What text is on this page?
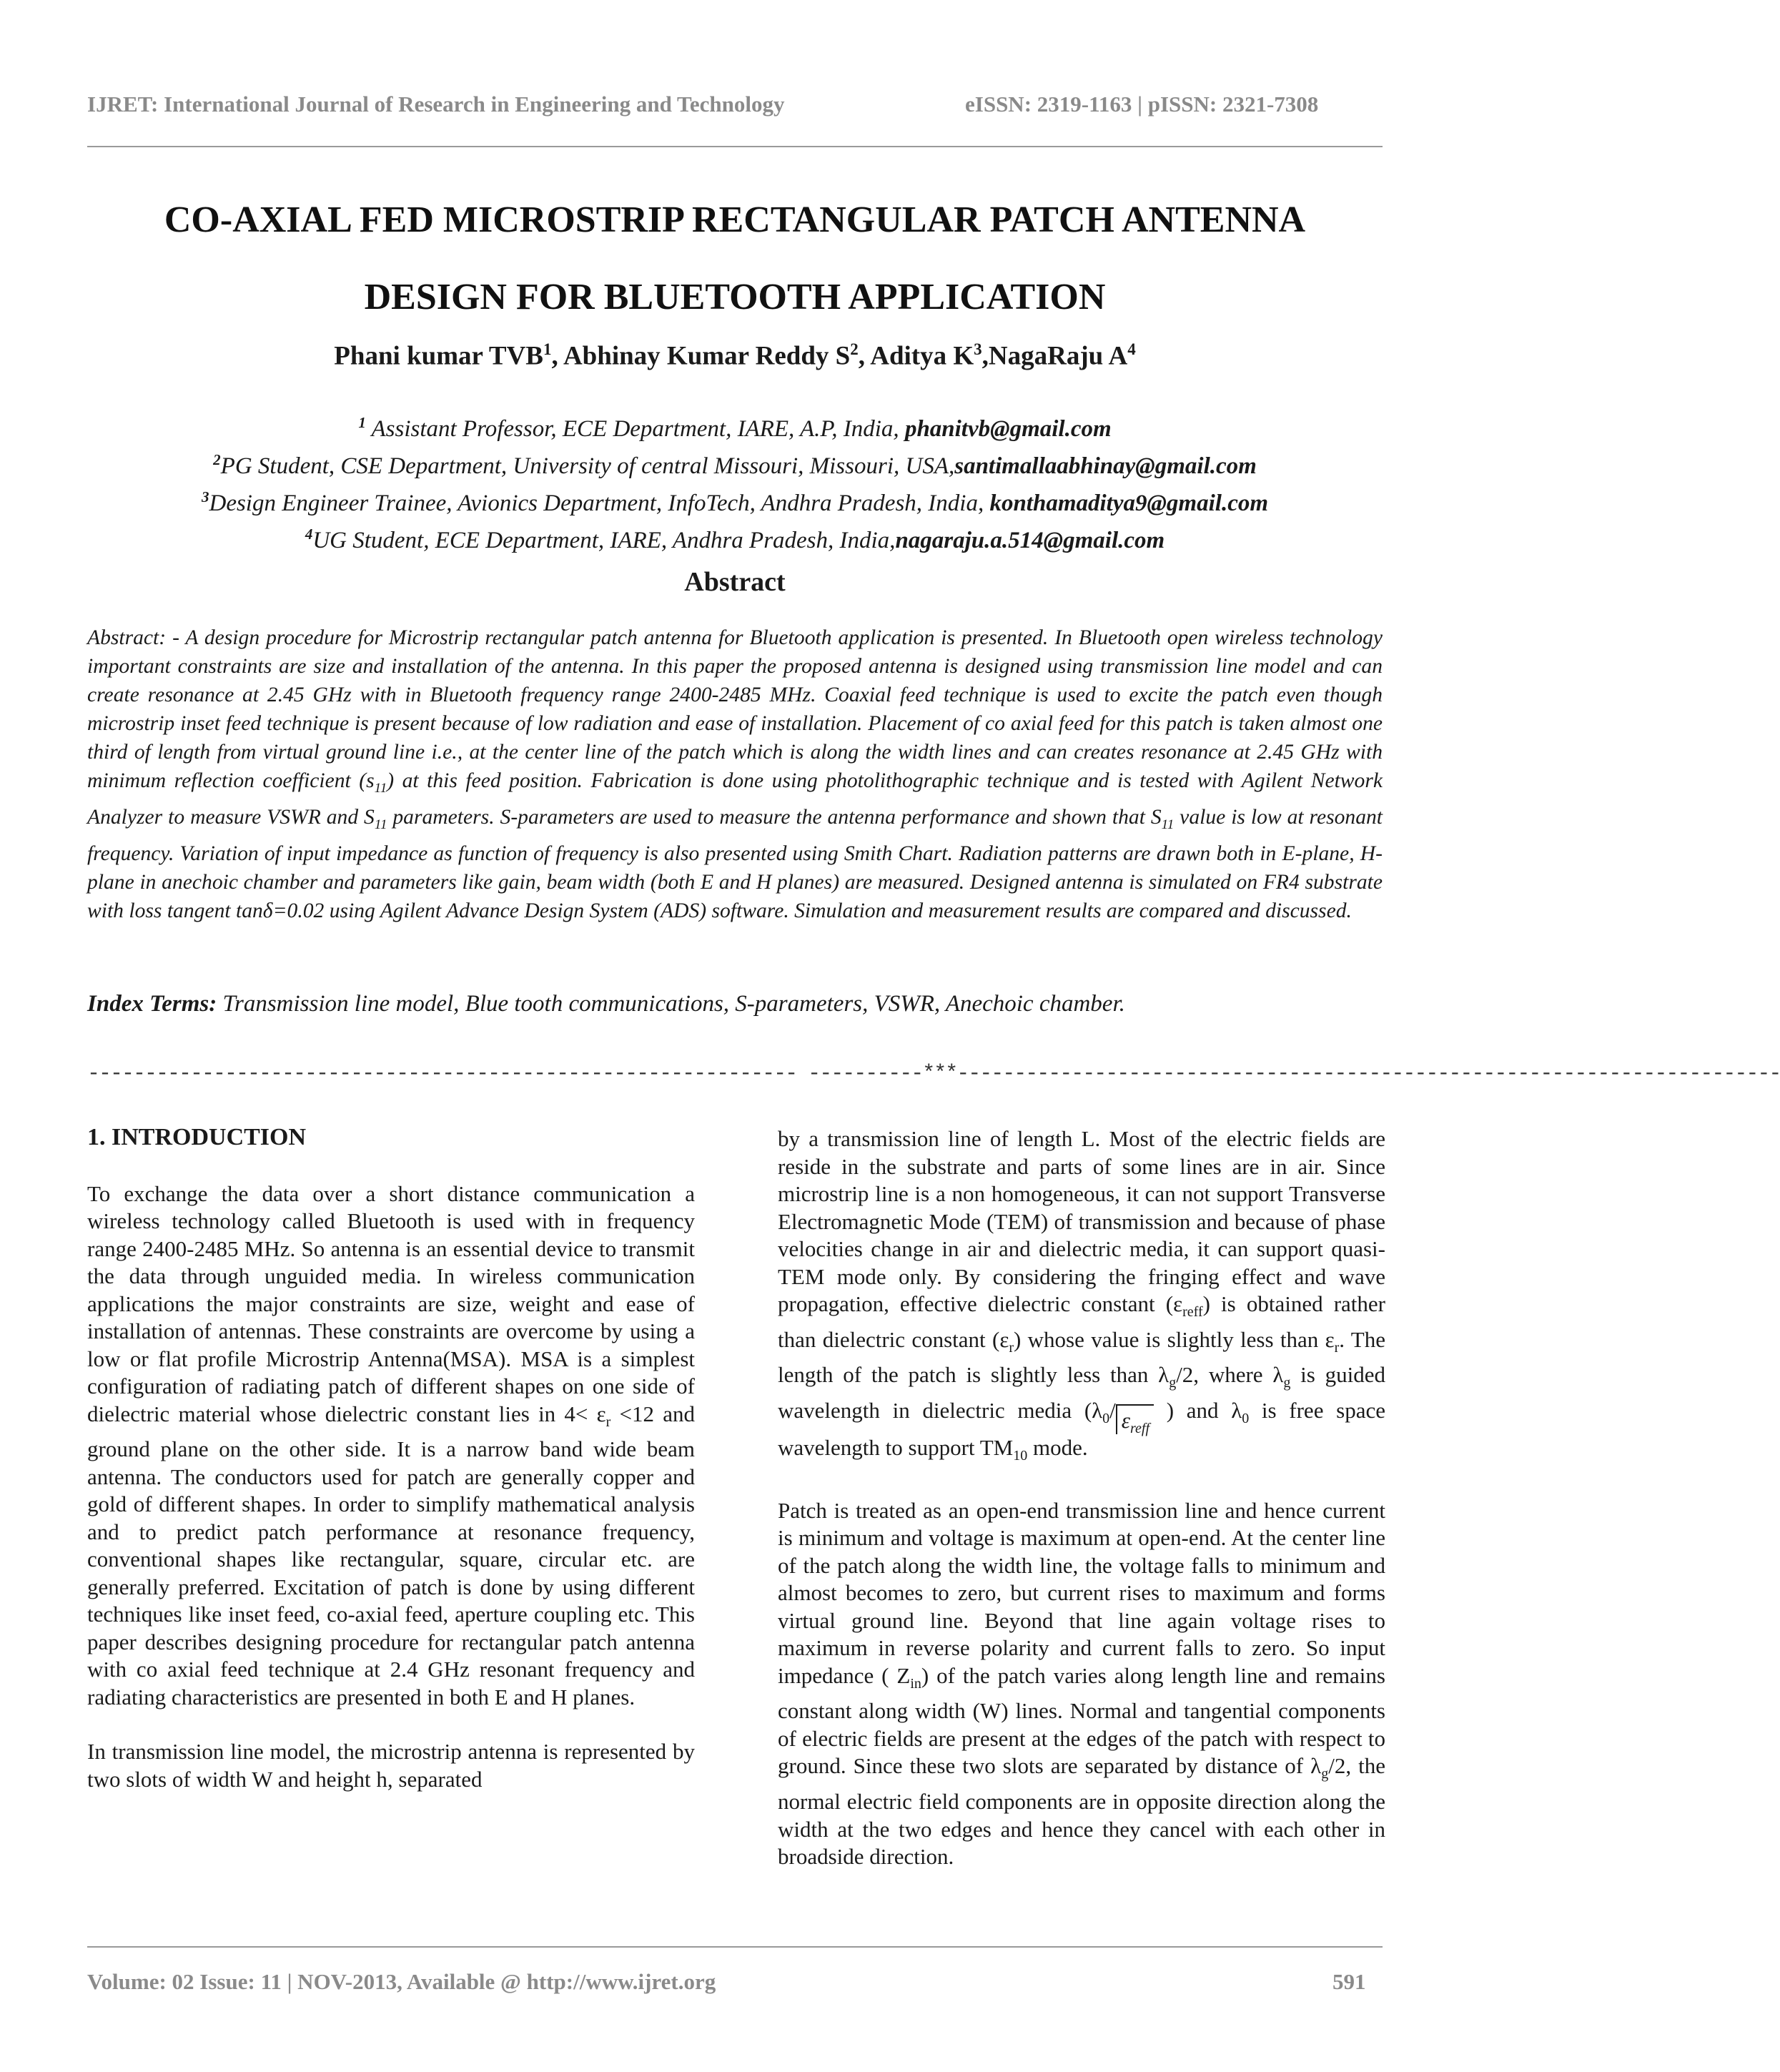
IJRET: International Journal of Research in Engineering and Technology	eISSN: 2319-1163 | pISSN: 2321-7308
CO-AXIAL FED MICROSTRIP RECTANGULAR PATCH ANTENNA
DESIGN FOR BLUETOOTH APPLICATION
Phani kumar TVB$^1$, Abhinay Kumar Reddy $S^2$, Aditya $K^3,NagaRaju$ $A^4$
$^1$ Assistant Professor, ECE Department, IARE, A.P, India, phanitvb@gmail.com
$^2$PG Student, CSE Department, University of central Missouri, Missouri, USA,santimallaabhinay@gmail.com
$^3$Design Engineer Trainee, Avionics Department, InfoTech, Andhra Pradesh, India, konthamaditya9@gmail.com
$^4$UG Student, ECE Department, IARE, Andhra Pradesh, India,nagaraju.a.514@gmail.com
Abstract
Abstract: - A design procedure for Microstrip rectangular patch antenna for Bluetooth application is presented. In Bluetooth open wireless technology important constraints are size and installation of the antenna. In this paper the proposed antenna is designed using transmission line model and can create resonance at 2.45 GHz with in Bluetooth frequency range 2400-2485 MHz. Coaxial feed technique is used to excite the patch even though microstrip inset feed technique is present because of low radiation and ease of installation. Placement of co axial feed for this patch is taken almost one third of length from virtual ground line i.e., at the center line of the patch which is along the width lines and can creates resonance at 2.45 GHz with minimum reflection coefficient $(s_{11})$ at this feed position. Fabrication is done using photolithographic technique and is tested with Agilent Network Analyzer to measure VSWR and $S_{11}$ parameters. S-parameters are used to measure the antenna performance and shown that $S_{11}$ value is low at resonant frequency. Variation of input impedance as function of frequency is also presented using Smith Chart. Radiation patterns are drawn both in E-plane, H-plane in anechoic chamber and parameters like gain, beam width (both E and H planes) are measured. Designed antenna is simulated on FR4 substrate with loss tangent tanδ=0.02 using Agilent Advance Design System (ADS) software. Simulation and measurement results are compared and discussed.
Index Terms: Transmission line model, Blue tooth communications, S-parameters, VSWR, Anechoic chamber.
-------------------------------------------------------------- ----------***------------------------------------------------------------------------
1. INTRODUCTION
To exchange the data over a short distance communication a wireless technology called Bluetooth is used with in frequency range 2400-2485 MHz. So antenna is an essential device to transmit the data through unguided media. In wireless communication applications the major constraints are size, weight and ease of installation of antennas. These constraints are overcome by using a low or flat profile Microstrip Antenna(MSA). MSA is a simplest configuration of radiating patch of different shapes on one side of dielectric material whose dielectric constant lies in $4< \varepsilon_r <12$ and ground plane on the other side. It is a narrow band wide beam antenna. The conductors used for patch are generally copper and gold of different shapes. In order to simplify mathematical analysis and to predict patch performance at resonance frequency, conventional shapes like rectangular, square, circular etc. are generally preferred. Excitation of patch is done by using different techniques like inset feed, co-axial feed, aperture coupling etc. This paper describes designing procedure for rectangular patch antenna with co axial feed technique at 2.4 GHz resonant frequency and radiating characteristics are presented in both E and H planes.
In transmission line model, the microstrip antenna is represented by two slots of width W and height h, separated
by a transmission line of length L. Most of the electric fields are reside in the substrate and parts of some lines are in air. Since microstrip line is a non homogeneous, it can not support Transverse Electromagnetic Mode (TEM) of transmission and because of phase velocities change in air and dielectric media, it can support quasi-TEM mode only. By considering the fringing effect and wave propagation, effective dielectric constant $(\varepsilon_{reff})$ is obtained rather than dielectric constant $(\varepsilon_r)$ whose value is slightly less than $\varepsilon_r$. The length of the patch is slightly less than $\lambda_g/2$, where $\lambda_g$ is guided wavelength in dielectric media ($\lambda_0/$ $\varepsilon_{reff}$ ) and $\lambda_0$ is free space wavelength to support $TM_{10}$ mode.
Patch is treated as an open-end transmission line and hence current is minimum and voltage is maximum at open-end. At the center line of the patch along the width line, the voltage falls to minimum and almost becomes to zero, but current rises to maximum and forms virtual ground line. Beyond that line again voltage rises to maximum in reverse polarity and current falls to zero. So input impedance ( $Z_{in}$) of the patch varies along length line and remains constant along width (W) lines. Normal and tangential components of electric fields are present at the edges of the patch with respect to ground. Since these two slots are separated by distance of $\lambda_g/2$, the normal electric field components are in opposite direction along the width at the two edges and hence they cancel with each other in broadside direction.
Volume: 02 Issue: 11 | NOV-2013, Available @ http://www.ijret.org	591
